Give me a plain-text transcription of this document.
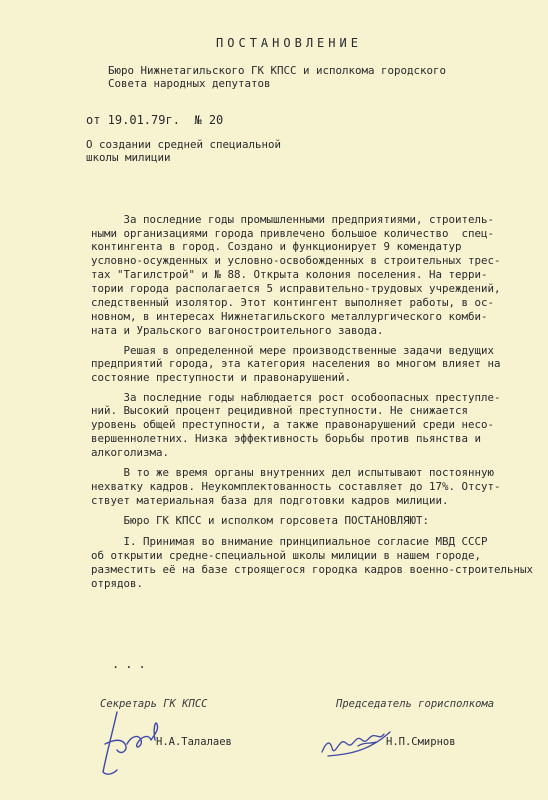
ПОСТАНОВЛЕНИЕ
Бюро Нижнетагильского ГК КПСС и исполкома городского
Совета народных депутатов
от 19.01.79г.  № 20
О создании средней специальной
школы милиции
За последние годы промышленными предприятиями, строитель-
ными организациями города привлечено большое количество  спец-
контингента в город. Создано и функционирует 9 комендатур
условно-осужденных и условно-освобожденных в строительных трес-
тах "Тагилстрой" и № 88. Открыта колония поселения. На терри-
тории города располагается 5 исправительно-трудовых учреждений,
следственный изолятор. Этот контингент выполняет работы, в ос-
новном, в интересах Нижнетагильского металлургического комби-
ната и Уральского вагоностроительного завода.
Решая в определенной мере производственные задачи ведущих
предприятий города, эта категория населения во многом влияет на
состояние преступности и правонарушений.
За последние годы наблюдается рост особоопасных преступле-
ний. Высокий процент рецидивной преступности. Не снижается
уровень общей преступности, а также правонарушений среди несо-
вершеннолетних. Низка эффективность борьбы против пьянства и
алкоголизма.
В то же время органы внутренних дел испытывают постоянную
нехватку кадров. Неукомплектованность составляет до 17%. Отсут-
ствует материальная база для подготовки кадров милиции.
Бюро ГК КПСС и исполком горсовета ПОСТАНОВЛЯЮТ:
I. Принимая во внимание принципиальное согласие МВД СССР
об открытии средне-специальной школы милиции в нашем городе,
разместить её на базе строящегося городка кадров военно-строительных
отрядов.
...
Секретарь ГК КПСС
Н.А.Талалаев
Председатель горисполкома
Н.П.Смирнов
